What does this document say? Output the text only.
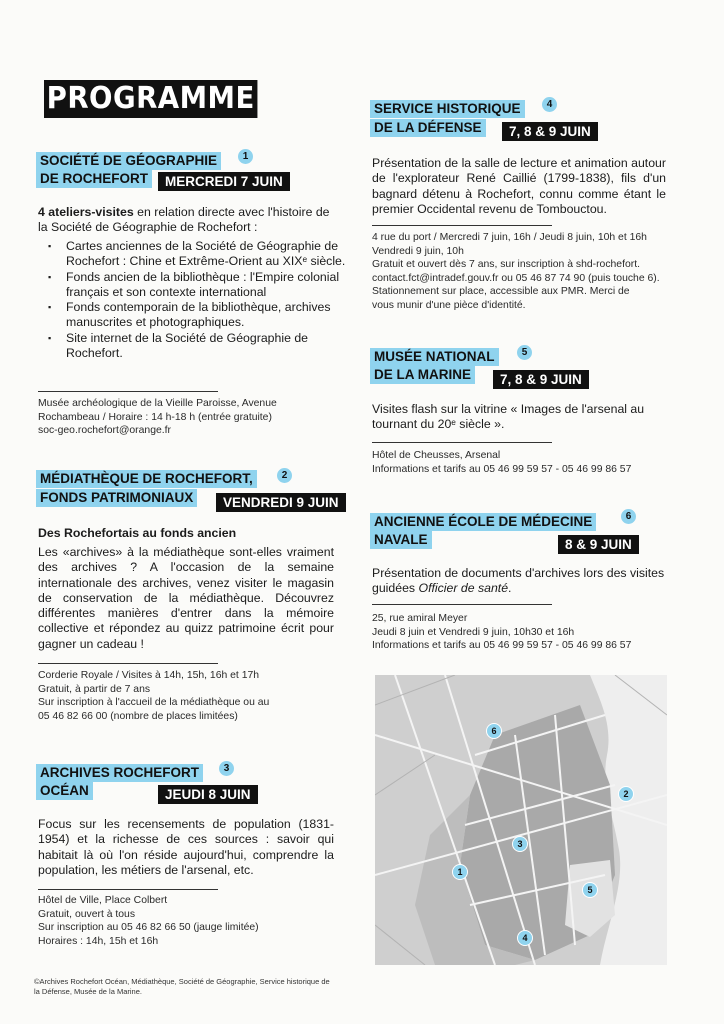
PROGRAMME
SOCIÉTÉ DE GÉOGRAPHIE	1
DE ROCHEFORT	MERCREDI 7 JUIN
4 ateliers-visites en relation directe avec l'histoire de la Société de Géographie de Rochefort :
▪ Cartes anciennes de la Société de Géographie de Rochefort : Chine et Extrême-Orient au XIXᵉ siècle.
▪ Fonds ancien de la bibliothèque : l'Empire colonial français et son contexte international
▪ Fonds contemporain de la bibliothèque, archives manuscrites et photographiques.
▪ Site internet de la Société de Géographie de Rochefort.
Musée archéologique de la Vieille Paroisse, Avenue
Rochambeau / Horaire : 14 h-18 h (entrée gratuite)
soc-geo.rochefort@orange.fr
MÉDIATHÈQUE DE ROCHEFORT,	2
FONDS PATRIMONIAUX	VENDREDI 9 JUIN
Des Rochefortais au fonds ancien
Les «archives» à la médiathèque sont-elles vraiment des archives ? A l'occasion de la semaine internationale des archives, venez visiter le magasin de conservation de la médiathèque. Découvrez différentes manières d'entrer dans la mémoire collective et répondez au quizz patrimoine écrit pour gagner un cadeau !
Corderie Royale / Visites à 14h, 15h, 16h et 17h
Gratuit, à partir de 7 ans
Sur inscription à l'accueil de la médiathèque ou au
05 46 82 66 00 (nombre de places limitées)
ARCHIVES ROCHEFORT	3
OCÉAN	JEUDI 8 JUIN
Focus sur les recensements de population (1831-1954) et la richesse de ces sources : savoir qui habitait là où l'on réside aujourd'hui, comprendre la population, les métiers de l'arsenal, etc.
Hôtel de Ville, Place Colbert
Gratuit, ouvert à tous
Sur inscription au 05 46 82 66 50 (jauge limitée)
Horaires : 14h, 15h et 16h
SERVICE HISTORIQUE	4
DE LA DÉFENSE	7, 8 & 9 JUIN
Présentation de la salle de lecture et animation autour de l'explorateur René Caillié (1799-1838), fils d'un bagnard détenu à Rochefort, connu comme étant le premier Occidental revenu de Tombouctou.
4 rue du port / Mercredi 7 juin, 16h / Jeudi 8 juin, 10h et 16h
Vendredi 9 juin, 10h
Gratuit et ouvert dès 7 ans, sur inscription à shd-rochefort.
contact.fct@intradef.gouv.fr ou 05 46 87 74 90 (puis touche 6).
Stationnement sur place, accessible aux PMR. Merci de
vous munir d'une pièce d'identité.
MUSÉE NATIONAL	5
DE LA MARINE	7, 8 & 9 JUIN
Visites flash sur la vitrine « Images de l'arsenal au tournant du 20ᵉ siècle ».
Hôtel de Cheusses, Arsenal
Informations et tarifs au 05 46 99 59 57 - 05 46 99 86 57
ANCIENNE ÉCOLE DE MÉDECINE	6
NAVALE	8 & 9 JUIN
Présentation de documents d'archives lors des visites guidées Officier de santé.
25, rue amiral Meyer
Jeudi 8 juin et Vendredi 9 juin, 10h30 et 16h
Informations et tarifs au 05 46 99 59 57 - 05 46 99 86 57
6
2
3
1
5
4
©Archives Rochefort Océan, Médiathèque, Société de Géographie, Service historique de la Défense, Musée de la Marine.
